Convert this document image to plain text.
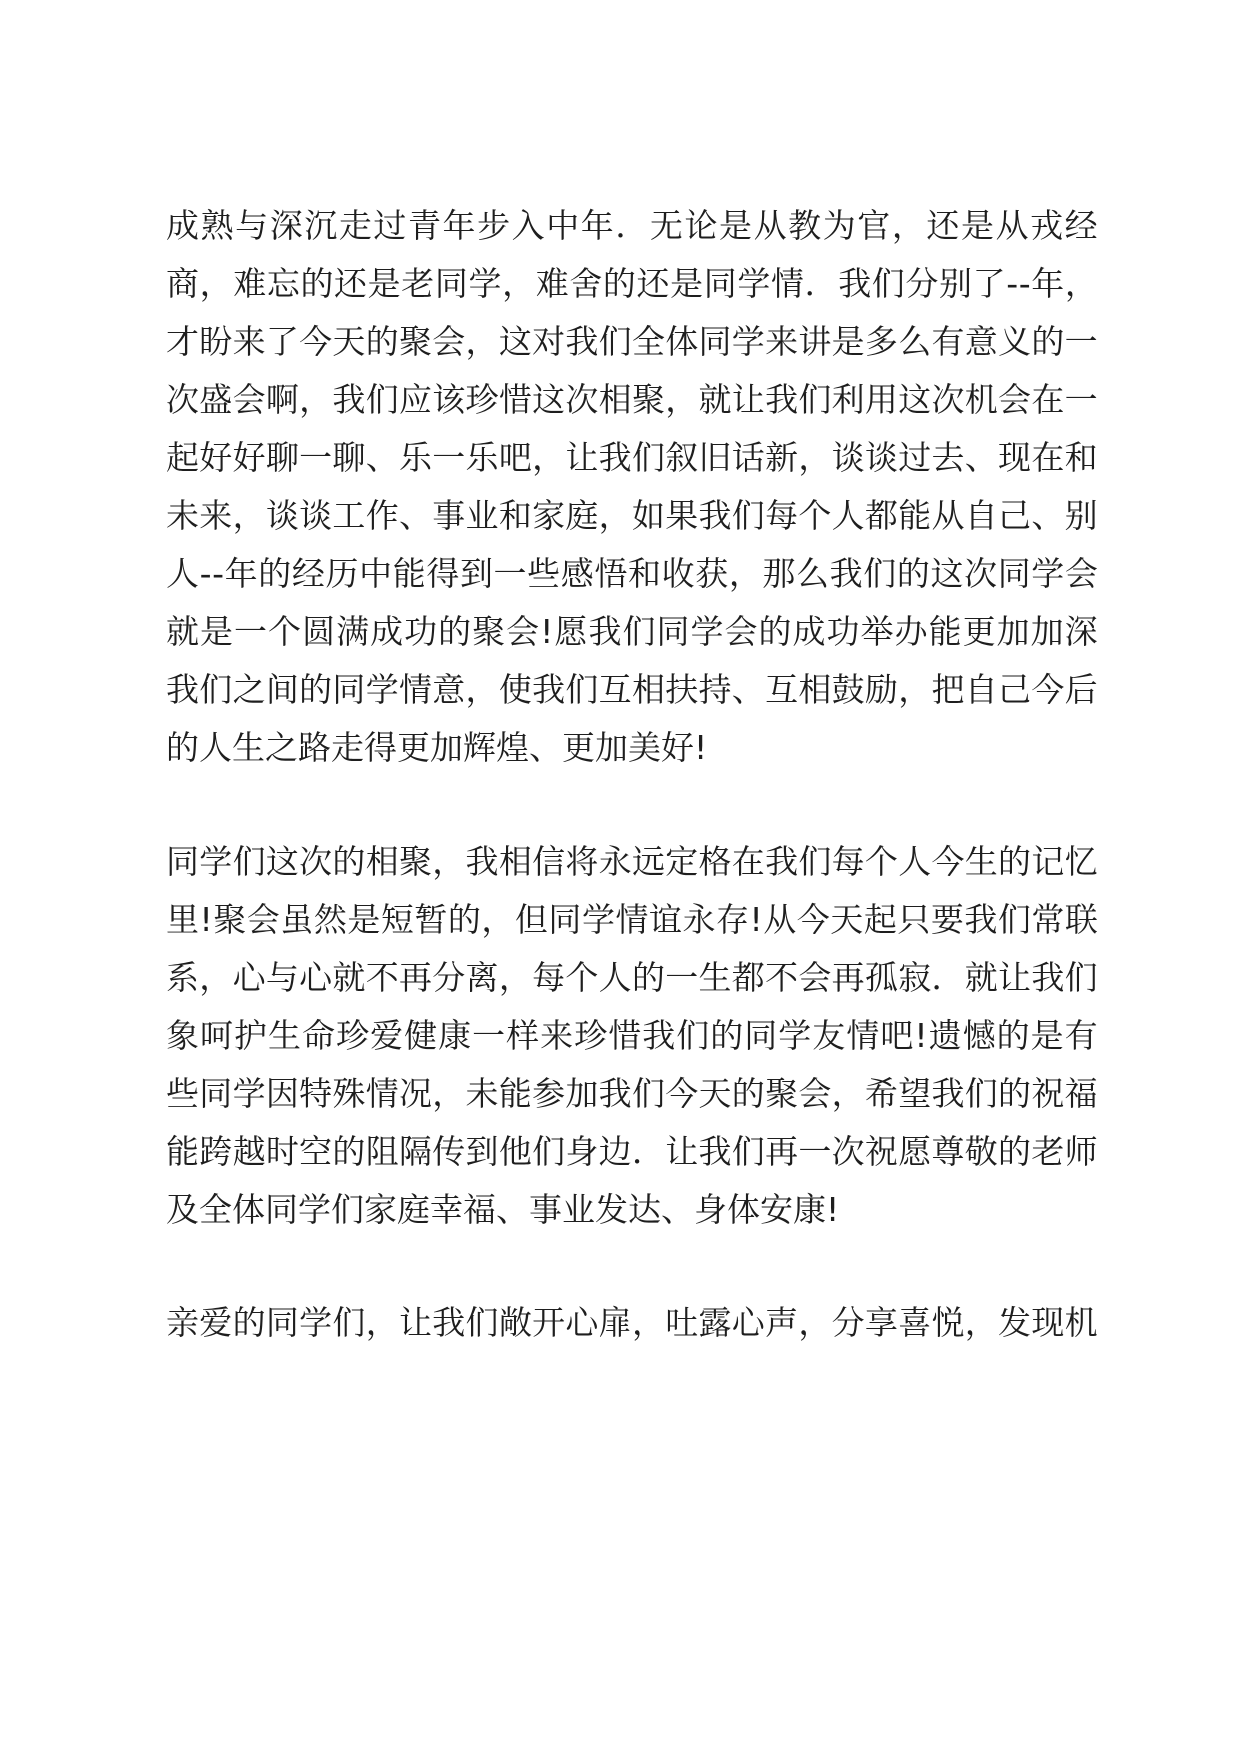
成 熟 与 深 沉 走 过 青 年 步 入 中 年 ． 无 论 是 从 教 为 官 ， 还 是 从 戎 经
商 ， 难 忘 的 还 是 老 同 学 ， 难 舍 的 还 是 同 学 情 ． 我 们 分 别 了 - - 年 ，
才 盼 来 了 今 天 的 聚 会 ， 这 对 我 们 全 体 同 学 来 讲 是 多 么 有 意 义 的 一
次 盛 会 啊 ， 我 们 应 该 珍 惜 这 次 相 聚 ， 就 让 我 们 利 用 这 次 机 会 在 一
起 好 好 聊 一 聊 、 乐 一 乐 吧 ， 让 我 们 叙 旧 话 新 ， 谈 谈 过 去 、 现 在 和
未 来 ， 谈 谈 工 作 、 事 业 和 家 庭 ， 如 果 我 们 每 个 人 都 能 从 自 己 、 别
人 - - 年 的 经 历 中 能 得 到 一 些 感 悟 和 收 获 ， 那 么 我 们 的 这 次 同 学 会
就 是 一 个 圆 满 成 功 的 聚 会 ! 愿 我 们 同 学 会 的 成 功 举 办 能 更 加 加 深
我 们 之 间 的 同 学 情 意 ， 使 我 们 互 相 扶 持 、 互 相 鼓 励 ， 把 自 己 今 后
的人生之路走得更加辉煌、更加美好!
同 学 们 这 次 的 相 聚 ， 我 相 信 将 永 远 定 格 在 我 们 每 个 人 今 生 的 记 忆
里 ! 聚 会 虽 然 是 短 暂 的 ， 但 同 学 情 谊 永 存 ! 从 今 天 起 只 要 我 们 常 联
系 ， 心 与 心 就 不 再 分 离 ， 每 个 人 的 一 生 都 不 会 再 孤 寂 ． 就 让 我 们
象 呵 护 生 命 珍 爱 健 康 一 样 来 珍 惜 我 们 的 同 学 友 情 吧 ! 遗 憾 的 是 有
些 同 学 因 特 殊 情 况 ， 未 能 参 加 我 们 今 天 的 聚 会 ， 希 望 我 们 的 祝 福
能 跨 越 时 空 的 阻 隔 传 到 他 们 身 边 ． 让 我 们 再 一 次 祝 愿 尊 敬 的 老 师
及全体同学们家庭幸福、事业发达、身体安康!
亲 爱 的 同 学 们 ， 让 我 们 敞 开 心 扉 ， 吐 露 心 声 ， 分 享 喜 悦 ， 发 现 机
